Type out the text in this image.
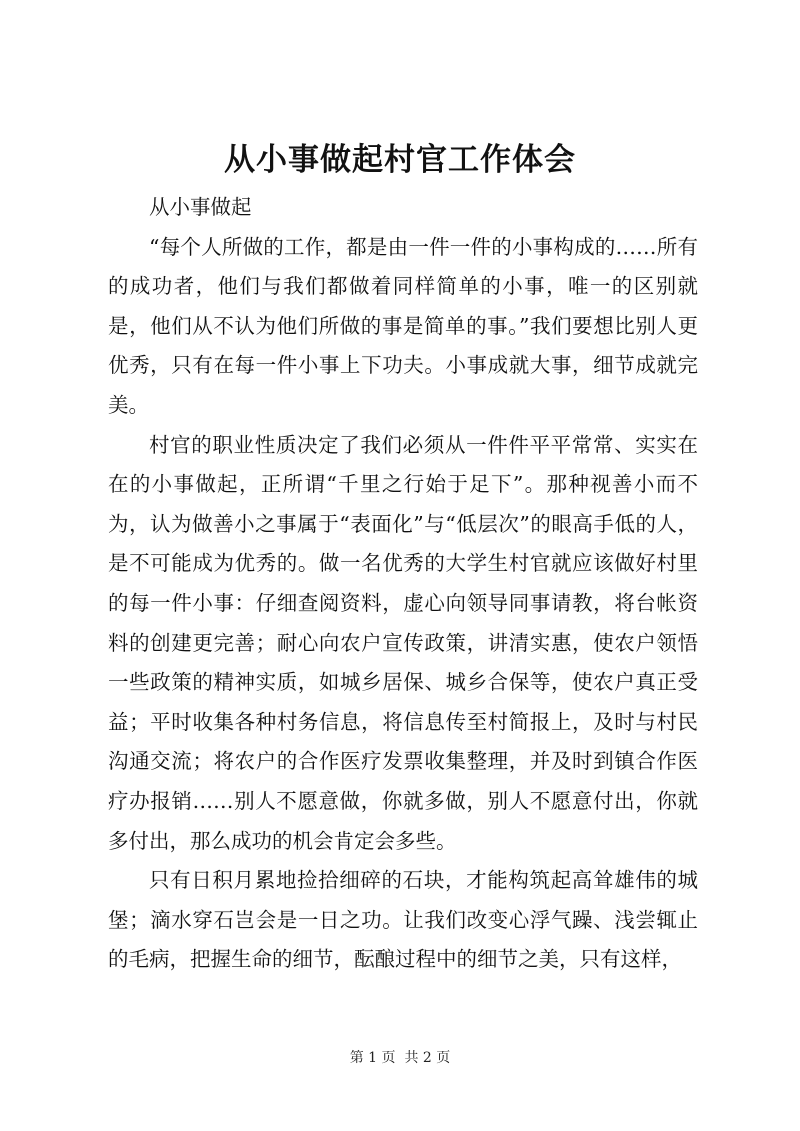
从小事做起村官工作体会

从小事做起

“每个人所做的工作，都是由一件一件的小事构成的……所有的成功者，他们与我们都做着同样简单的小事，唯一的区别就是，他们从不认为他们所做的事是简单的事。”我们要想比别人更优秀，只有在每一件小事上下功夫。小事成就大事，细节成就完美。

村官的职业性质决定了我们必须从一件件平平常常、实实在在的小事做起，正所谓“千里之行始于足下”。那种视善小而不为，认为做善小之事属于“表面化”与“低层次”的眼高手低的人，是不可能成为优秀的。做一名优秀的大学生村官就应该做好村里的每一件小事：仔细查阅资料，虚心向领导同事请教，将台帐资料的创建更完善；耐心向农户宣传政策，讲清实惠，使农户领悟一些政策的精神实质，如城乡居保、城乡合保等，使农户真正受益；平时收集各种村务信息，将信息传至村简报上，及时与村民沟通交流；将农户的合作医疗发票收集整理，并及时到镇合作医疗办报销……别人不愿意做，你就多做，别人不愿意付出，你就多付出，那么成功的机会肯定会多些。

只有日积月累地捡拾细碎的石块，才能构筑起高耸雄伟的城堡；滴水穿石岂会是一日之功。让我们改变心浮气躁、浅尝辄止的毛病，把握生命的细节，酝酿过程中的细节之美，只有这样，

第 1 页  共 2 页
